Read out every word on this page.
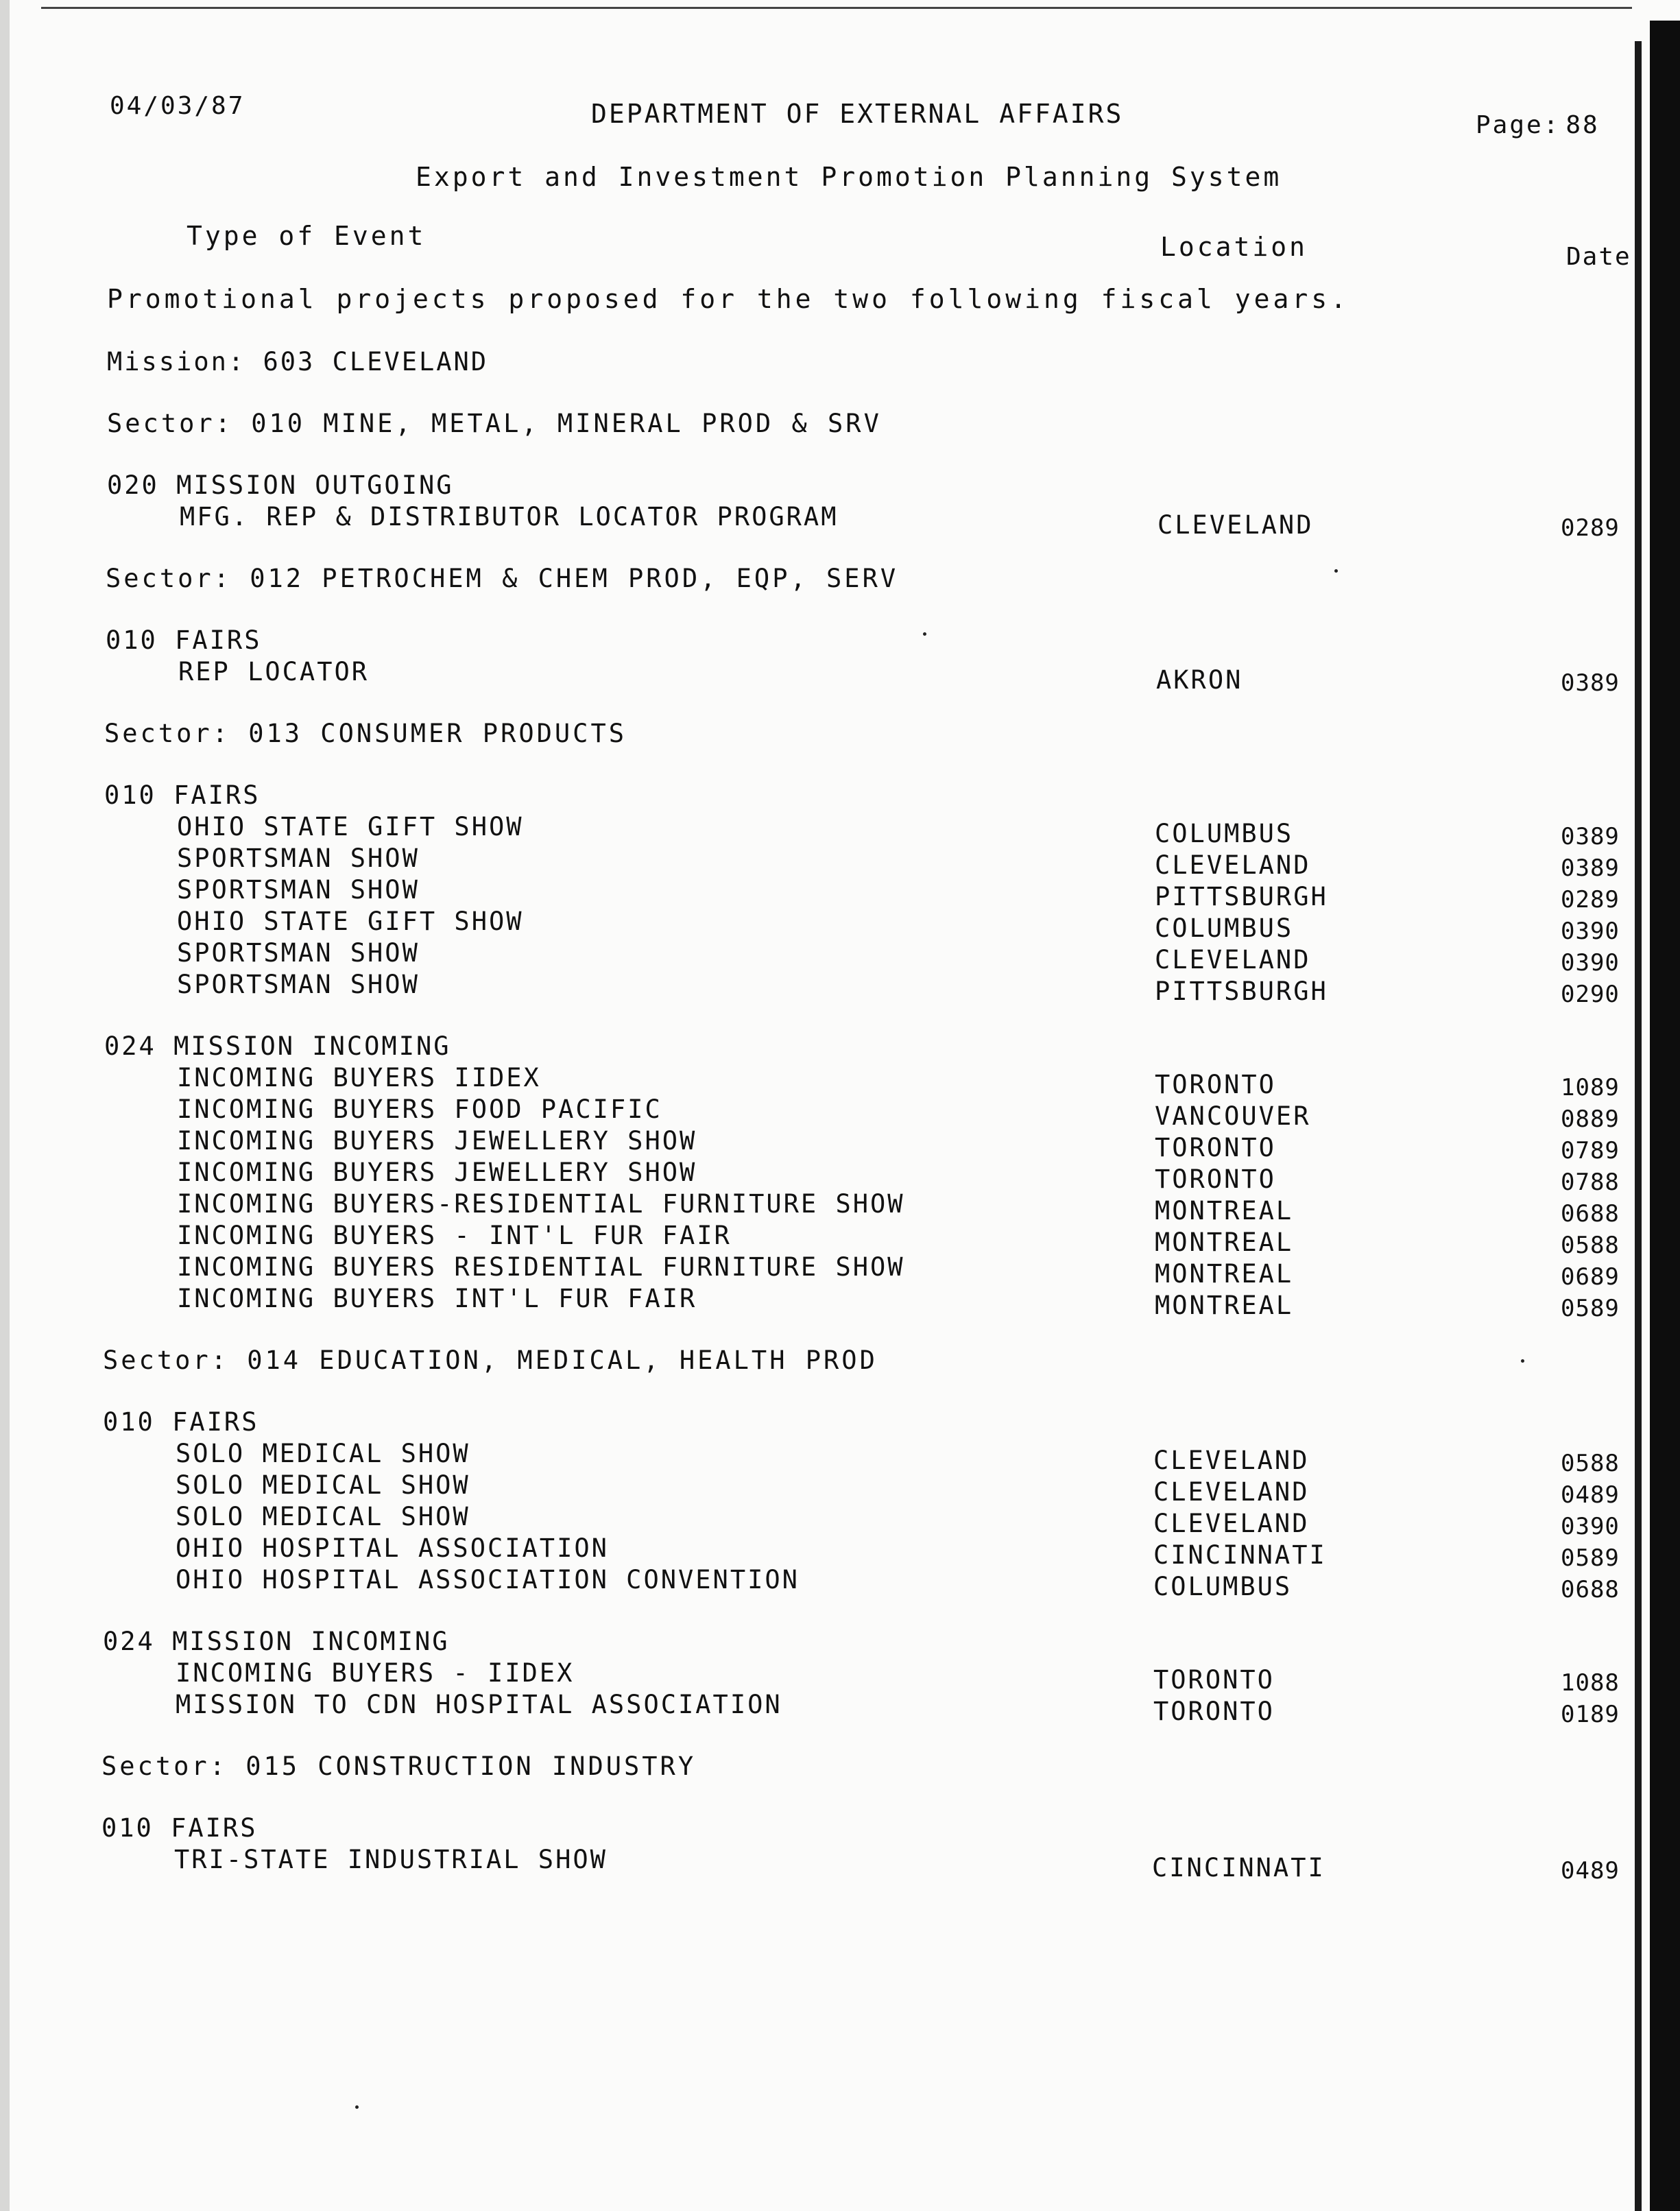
04/03/87	DEPARTMENT OF EXTERNAL AFFAIRS	Page: 88
Export and Investment Promotion Planning System
Type of Event	Location	Date
Promotional projects proposed for the two following fiscal years.
Mission: 603 CLEVELAND
Sector: 010 MINE, METAL, MINERAL PROD & SRV
020 MISSION OUTGOING
MFG. REP & DISTRIBUTOR LOCATOR PROGRAM	CLEVELAND	0289
Sector: 012 PETROCHEM & CHEM PROD, EQP, SERV
010 FAIRS
REP LOCATOR	AKRON	0389
Sector: 013 CONSUMER PRODUCTS
010 FAIRS
OHIO STATE GIFT SHOW	COLUMBUS	0389
SPORTSMAN SHOW	CLEVELAND	0389
SPORTSMAN SHOW	PITTSBURGH	0289
OHIO STATE GIFT SHOW	COLUMBUS	0390
SPORTSMAN SHOW	CLEVELAND	0390
SPORTSMAN SHOW	PITTSBURGH	0290
024 MISSION INCOMING
INCOMING BUYERS IIDEX	TORONTO	1089
INCOMING BUYERS FOOD PACIFIC	VANCOUVER	0889
INCOMING BUYERS JEWELLERY SHOW	TORONTO	0789
INCOMING BUYERS JEWELLERY SHOW	TORONTO	0788
INCOMING BUYERS-RESIDENTIAL FURNITURE SHOW	MONTREAL	0688
INCOMING BUYERS - INT'L FUR FAIR	MONTREAL	0588
INCOMING BUYERS RESIDENTIAL FURNITURE SHOW	MONTREAL	0689
INCOMING BUYERS INT'L FUR FAIR	MONTREAL	0589
Sector: 014 EDUCATION, MEDICAL, HEALTH PROD
010 FAIRS
SOLO MEDICAL SHOW	CLEVELAND	0588
SOLO MEDICAL SHOW	CLEVELAND	0489
SOLO MEDICAL SHOW	CLEVELAND	0390
OHIO HOSPITAL ASSOCIATION	CINCINNATI	0589
OHIO HOSPITAL ASSOCIATION CONVENTION	COLUMBUS	0688
024 MISSION INCOMING
INCOMING BUYERS - IIDEX	TORONTO	1088
MISSION TO CDN HOSPITAL ASSOCIATION	TORONTO	0189
Sector: 015 CONSTRUCTION INDUSTRY
010 FAIRS
TRI-STATE INDUSTRIAL SHOW	CINCINNATI	0489
